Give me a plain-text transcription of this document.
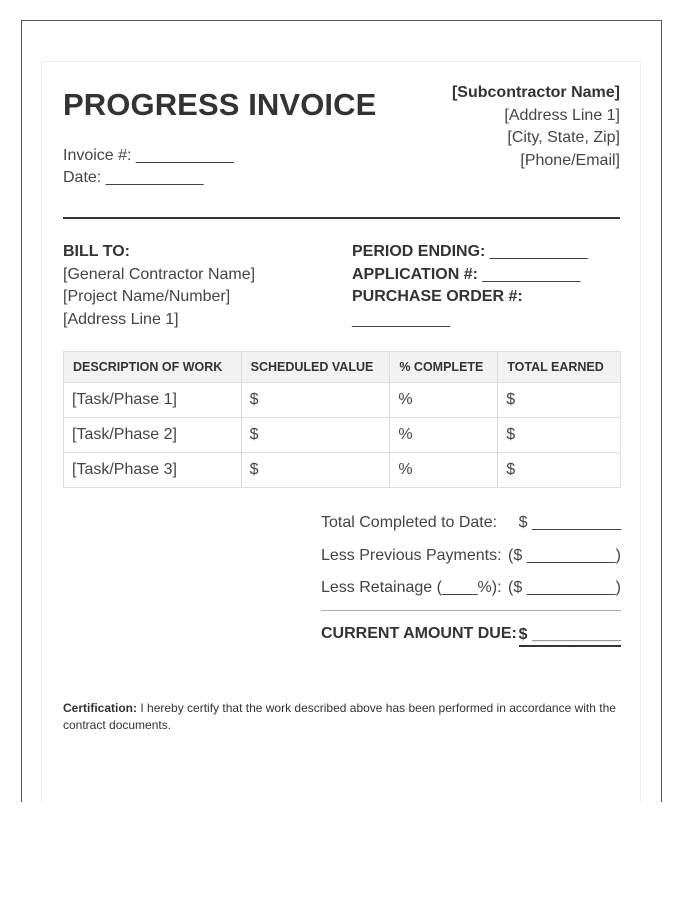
PROGRESS INVOICE
Invoice #: ___________
Date: ___________
[Subcontractor Name]
[Address Line 1]
[City, State, Zip]
[Phone/Email]
BILL TO:
[General Contractor Name]
[Project Name/Number]
[Address Line 1]
PERIOD ENDING: ___________
APPLICATION #: ___________
PURCHASE ORDER #:
___________
DESCRIPTION OF WORK	SCHEDULED VALUE	% COMPLETE	TOTAL EARNED
[Task/Phase 1]	$	%	$
[Task/Phase 2]	$	%	$
[Task/Phase 3]	$	%	$
Total Completed to Date: $ __________
Less Previous Payments: ($ __________)
Less Retainage (____%): ($ __________)
CURRENT AMOUNT DUE: $ __________
Certification: I hereby certify that the work described above has been performed in accordance with the contract documents.
